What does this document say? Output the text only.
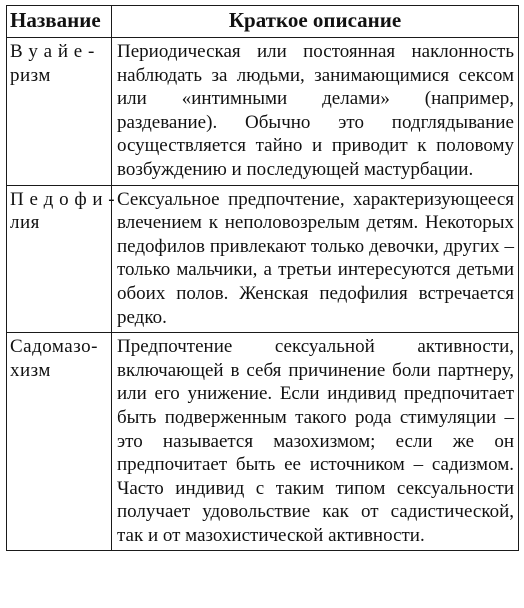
Название	Краткое описание

В у а й е -
ризм	Периодическая или постоянная наклонность наблюдать за людьми, занимающимися сексом или «интимными делами» (например, раздевание). Обычно это подглядывание осуществляется тайно и приводит к половому возбуждению и последующей мастурбации.

П е д о ф и -
лия	Сексуальное предпочтение, характеризующееся влечением к неполовозрелым детям. Некоторых педофилов привлекают только девочки, других – только мальчики, а третьи интересуются детьми обоих полов. Женская педофилия встречается редко.

Садомазо-
хизм	Предпочтение сексуальной активности, включающей в себя причинение боли партнеру, или его унижение. Если индивид предпочитает быть подверженным такого рода стимуляции – это называется мазохизмом; если же он предпочитает быть ее источником – садизмом. Часто индивид с таким типом сексуальности получает удовольствие как от садистической, так и от мазохистической активности.
